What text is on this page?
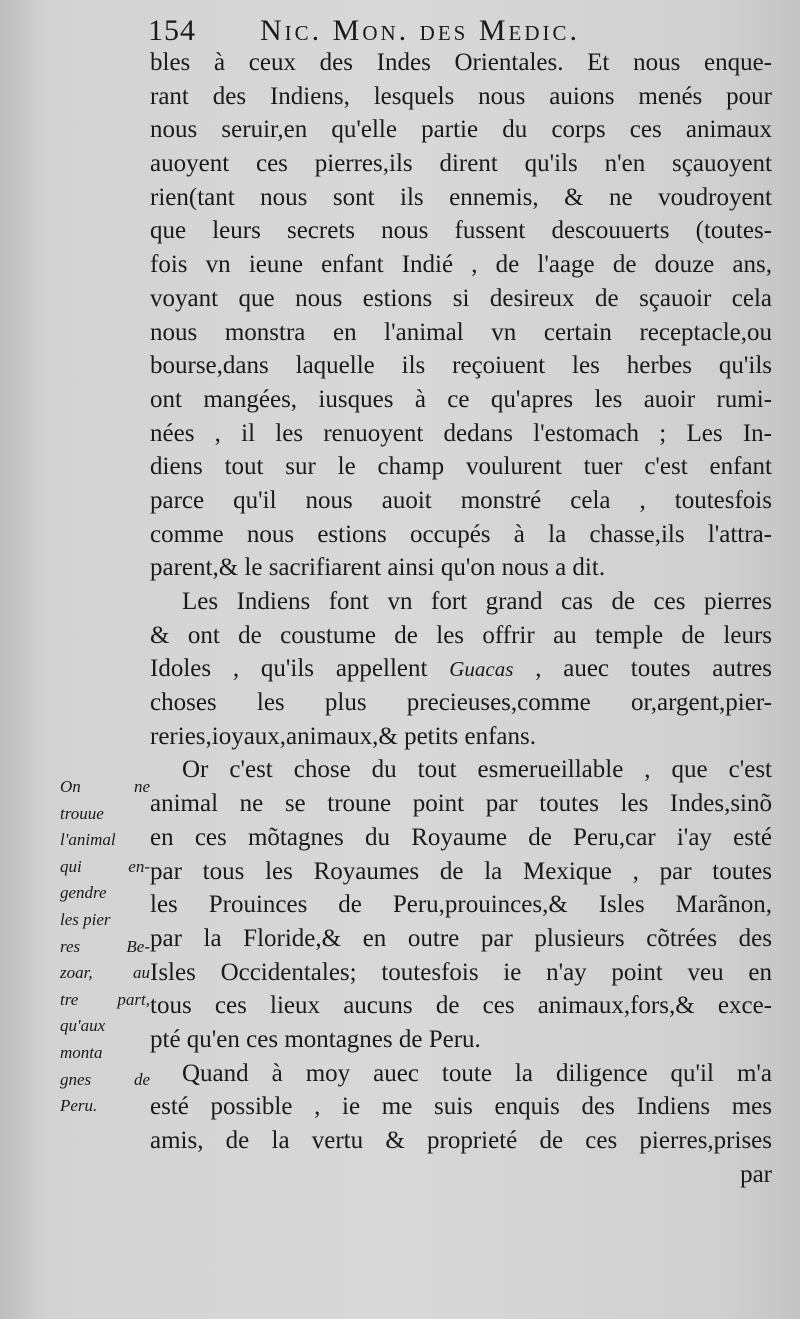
154 Nic. Mon. des Medic.
bles à ceux des Indes Orientales. Et nous enque-
rant des Indiens, lesquels nous auions menés pour
nous seruir,en qu'elle partie du corps ces animaux
auoyent ces pierres,ils dirent qu'ils n'en sçauoyent
rien(tant nous sont ils ennemis, & ne voudroyent
que leurs secrets nous fussent descouuerts (toutes-
fois vn ieune enfant Indié , de l'aage de douze ans,
voyant que nous estions si desireux de sçauoir cela
nous monstra en l'animal vn certain receptacle,ou
bourse,dans laquelle ils reçoiuent les herbes qu'ils
ont mangées, iusques à ce qu'apres les auoir rumi-
nées , il les renuoyent dedans l'estomach ; Les In-
diens tout sur le champ voulurent tuer c'est enfant
parce qu'il nous auoit monstré cela , toutesfois
comme nous estions occupés à la chasse,ils l'attra-
parent,& le sacrifiarent ainsi qu'on nous a dit.
Les Indiens font vn fort grand cas de ces pierres
& ont de coustume de les offrir au temple de leurs
Idoles , qu'ils appellent Guacas , auec toutes autres
choses les plus precieuses,comme or,argent,pier-
reries,ioyaux,animaux,& petits enfans.
Or c'est chose du tout esmerueillable , que c'est
animal ne se troune point par toutes les Indes,sinõ
en ces mõtagnes du Royaume de Peru,car i'ay esté
par tous les Royaumes de la Mexique , par toutes
les Prouinces de Peru,prouinces,& Isles Marãnon,
par la Floride,& en outre par plusieurs cõtrées des
Isles Occidentales; toutesfois ie n'ay point veu en
tous ces lieux aucuns de ces animaux,fors,& exce-
pté qu'en ces montagnes de Peru.
Quand à moy auec toute la diligence qu'il m'a
esté possible , ie me suis enquis des Indiens mes
amis, de la vertu & proprieté de ces pierres,prises
par
On ne
trouue
l'animal
qui en-
gendre
les pier
res Be-
zoar, au
tre part,
qu'aux
monta
gnes de
Peru.
